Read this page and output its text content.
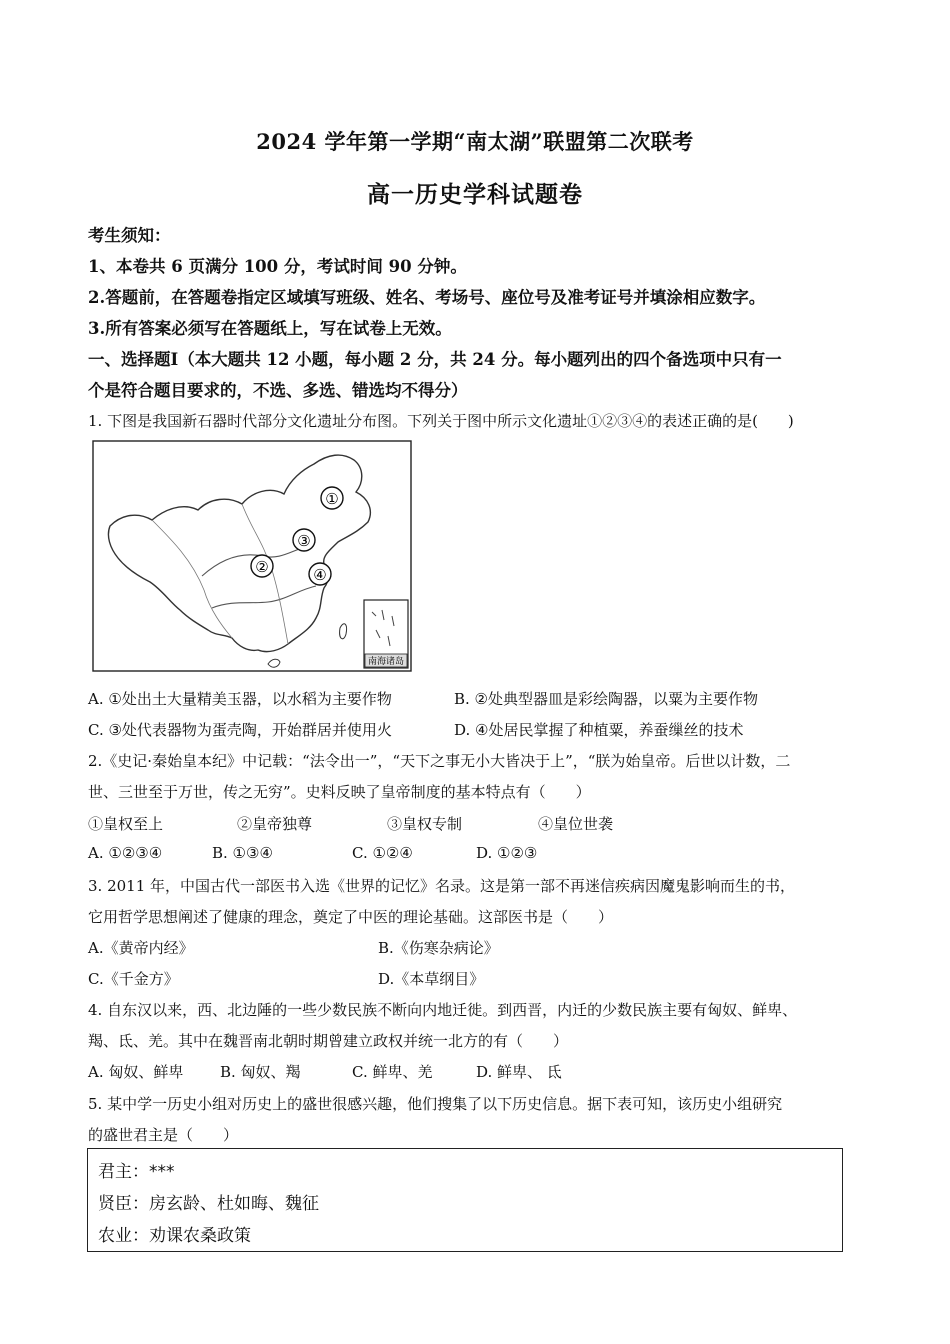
2024 学年第一学期“南太湖”联盟第二次联考
高一历史学科试题卷
考生须知：
1、本卷共 6 页满分 100 分，考试时间 90 分钟。
2.答题前，在答题卷指定区域填写班级、姓名、考场号、座位号及准考证号并填涂相应数字。
3.所有答案必须写在答题纸上，写在试卷上无效。
一、选择题I（本大题共 12 小题，每小题 2 分，共 24 分。每小题列出的四个备选项中只有一
个是符合题目要求的，不选、多选、错选均不得分）
1. 下图是我国新石器时代部分文化遗址分布图。下列关于图中所示文化遗址①②③④的表述正确的是(　　)
①
②
③
④
南海诸岛
A. ①处出土大量精美玉器，以水稻为主要作物	B. ②处典型器皿是彩绘陶器，以粟为主要作物
C. ③处代表器物为蛋壳陶，开始群居并使用火	D. ④处居民掌握了种植粟，养蚕缫丝的技术
2.《史记·秦始皇本纪》中记载：“法令出一”，“天下之事无小大皆决于上”，“朕为始皇帝。后世以计数，二
世、三世至于万世，传之无穷”。史料反映了皇帝制度的基本特点有（　　）
①皇权至上	②皇帝独尊	③皇权专制	④皇位世袭
A. ①②③④	B. ①③④	C. ①②④	D. ①②③
3. 2011 年，中国古代一部医书入选《世界的记忆》名录。这是第一部不再迷信疾病因魔鬼影响而生的书，
它用哲学思想阐述了健康的理念，奠定了中医的理论基础。这部医书是（　　）
A.《黄帝内经》	B.《伤寒杂病论》
C.《千金方》	D.《本草纲目》
4. 自东汉以来，西、北边陲的一些少数民族不断向内地迁徙。到西晋，内迁的少数民族主要有匈奴、鲜卑、
羯、氐、羌。其中在魏晋南北朝时期曾建立政权并统一北方的有（　　）
A. 匈奴、鲜卑 B. 匈奴、羯	C. 鲜卑、羌	D. 鲜卑、 氐
5. 某中学一历史小组对历史上的盛世很感兴趣，他们搜集了以下历史信息。据下表可知，该历史小组研究
的盛世君主是（　　）
君主：***
贤臣：房玄龄、杜如晦、魏征
农业：劝课农桑政策
